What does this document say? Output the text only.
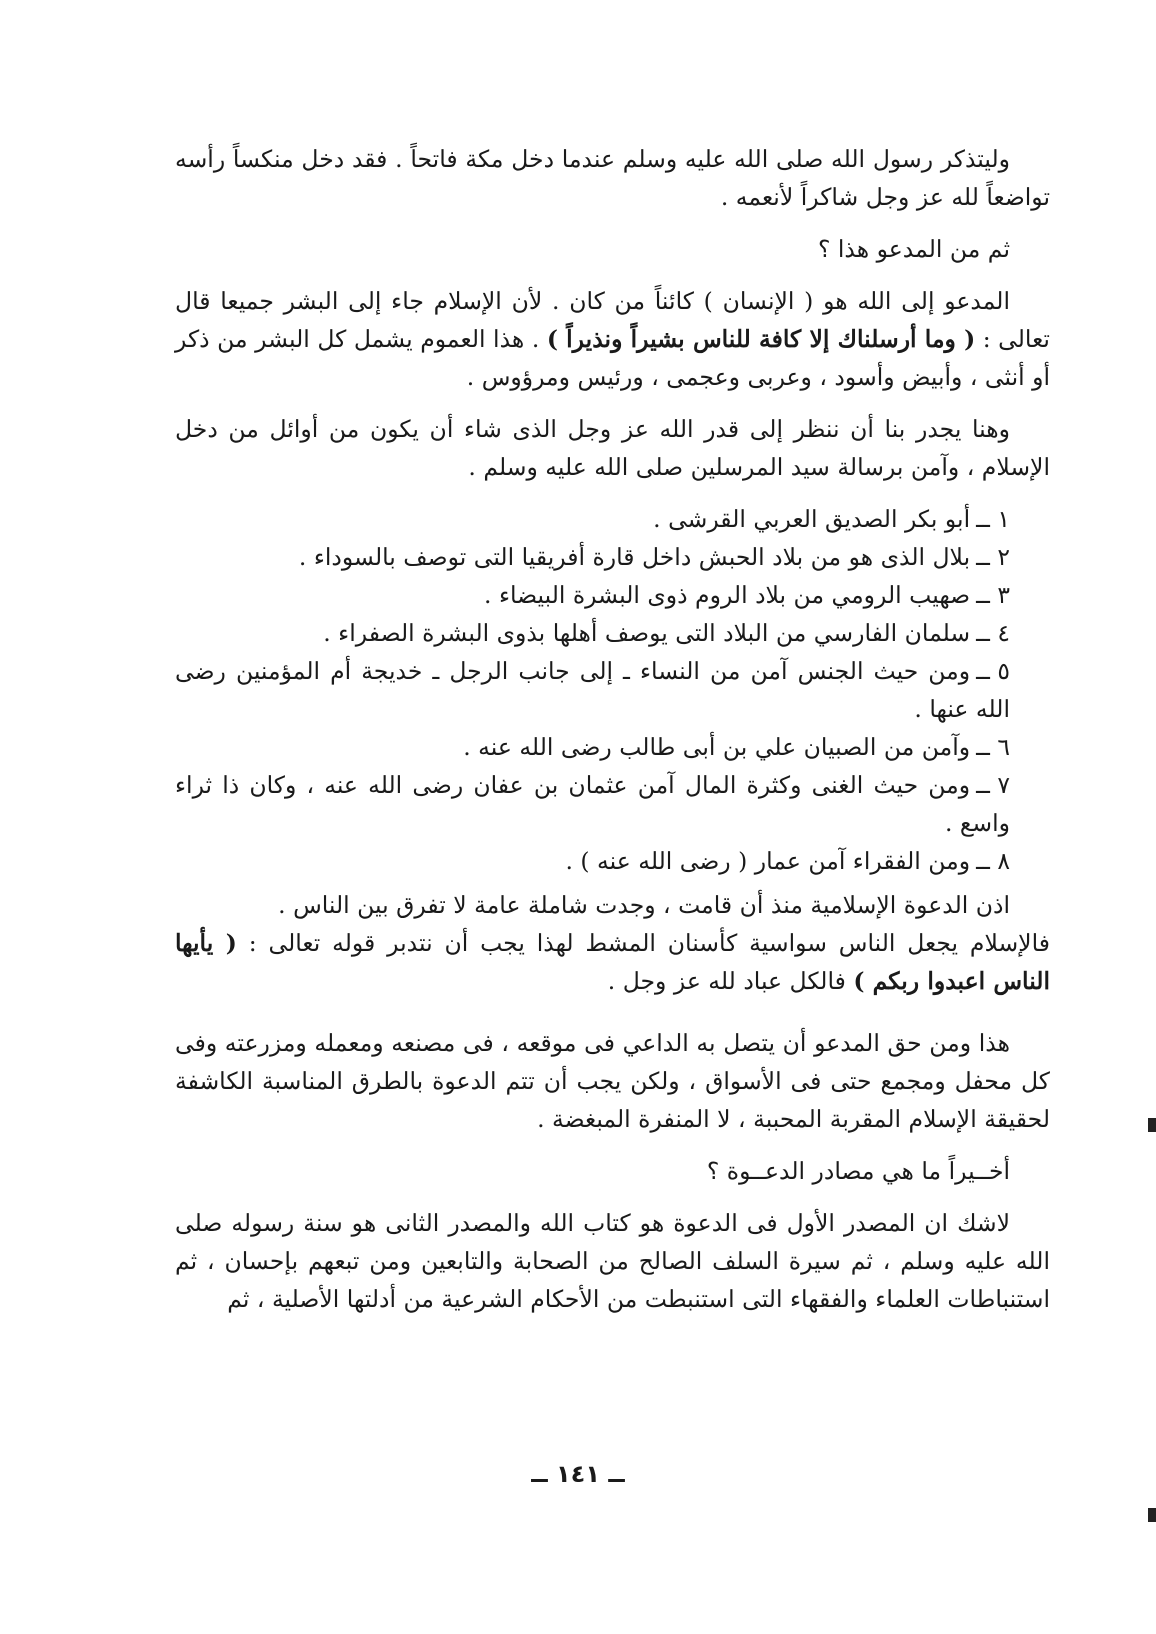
وليتذكر رسول الله صلى الله عليه وسلم عندما دخل مكة فاتحاً . فقد دخل منكساً رأسه تواضعاً لله عز وجل شاكراً لأنعمه .

ثم من المدعو هذا ؟

المدعو إلى الله هو ( الإنسان ) كائناً من كان . لأن الإسلام جاء إلى البشر جميعا قال تعالى : ( وما أرسلناك إلا كافة للناس بشيراً ونذيراً ) . هذا العموم يشمل كل البشر من ذكر أو أنثى ، وأبيض وأسود ، وعربى وعجمى ، ورئيس ومرؤوس .

وهنا يجدر بنا أن ننظر إلى قدر الله عز وجل الذى شاء أن يكون من أوائل من دخل الإسلام ، وآمن برسالة سيد المرسلين صلى الله عليه وسلم .

١ ــأبو بكر الصديق العربي القرشى .
٢ ــبلال الذى هو من بلاد الحبش داخل قارة أفريقيا التى توصف بالسوداء .
٣ ــصهيب الرومي من بلاد الروم ذوى البشرة البيضاء .
٤ ــسلمان الفارسي من البلاد التى يوصف أهلها بذوى البشرة الصفراء .
٥ ــومن حيث الجنس آمن من النساء ـ إلى جانب الرجل ـ خديجة أم المؤمنين رضى الله عنها .
٦ ــوآمن من الصبيان علي بن أبى طالب رضى الله عنه .
٧ ــومن حيث الغنى وكثرة المال آمن عثمان بن عفان رضى الله عنه ، وكان ذا ثراء واسع .
٨ ــومن الفقراء آمن عمار ( رضى الله عنه ) .

اذن الدعوة الإسلامية منذ أن قامت ، وجدت شاملة عامة لا تفرق بين الناس .

فالإسلام يجعل الناس سواسية كأسنان المشط لهذا يجب أن نتدبر قوله تعالى : ( يأيها الناس اعبدوا ربكم ) فالكل عباد لله عز وجل .

هذا ومن حق المدعو أن يتصل به الداعي فى موقعه ، فى مصنعه ومعمله ومزرعته وفى كل محفل ومجمع حتى فى الأسواق ، ولكن يجب أن تتم الدعوة بالطرق المناسبة الكاشفة لحقيقة الإسلام المقربة المحببة ، لا المنفرة المبغضة .

أخــيراً ما هي مصادر الدعــوة ؟

لاشك ان المصدر الأول فى الدعوة هو كتاب الله والمصدر الثانى هو سنة رسوله صلى الله عليه وسلم ، ثم سيرة السلف الصالح من الصحابة والتابعين ومن تبعهم بإحسان ، ثم استنباطات العلماء والفقهاء التى استنبطت من الأحكام الشرعية من أدلتها الأصلية ، ثم

ــ ١٤١ ــ
